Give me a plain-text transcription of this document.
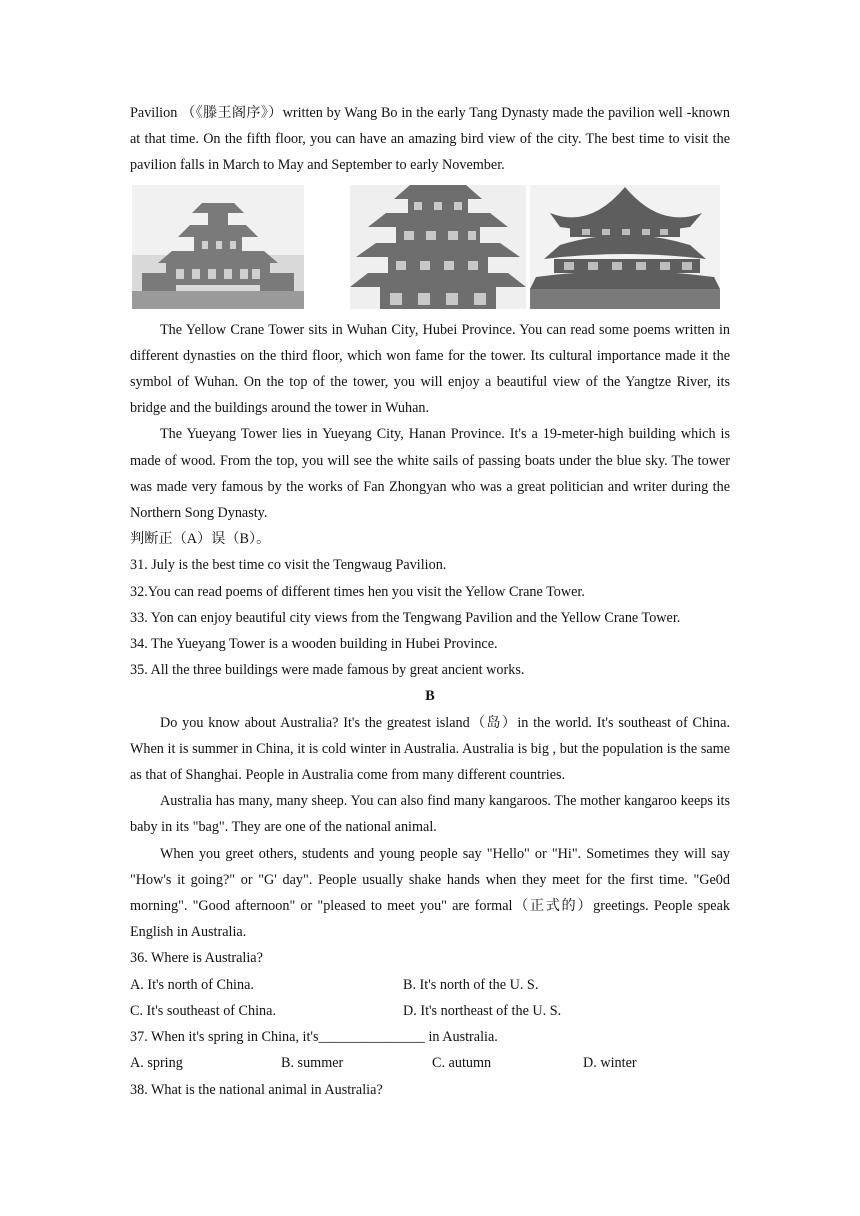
Pavilion （《滕王阁序》）written by Wang Bo in the early Tang Dynasty made the pavilion well -known at that time. On the fifth floor, you can have an amazing bird view of the city. The best time to visit the pavilion falls in March to May and September to early November.
The Yellow Crane Tower sits in Wuhan City, Hubei Province. You can read some poems written in different dynasties on the third floor, which won fame for the tower. Its cultural importance made it the symbol of Wuhan. On the top of the tower, you will enjoy a beautiful view of the Yangtze River, its bridge and the buildings around the tower in Wuhan.
The Yueyang Tower lies in Yueyang City, Hanan Province. It's a 19-meter-high building which is made of wood. From the top, you will see the white sails of passing boats under the blue sky. The tower was made very famous by the works of Fan Zhongyan who was a great politician and writer during the Northern Song Dynasty.
判断正（A）误（B）。
31. July is the best time co visit the Tengwaug Pavilion.
32.You can read poems of different times hen you visit the Yellow Crane Tower.
33. Yon can enjoy beautiful city views from the Tengwang Pavilion and the Yellow Crane Tower.
34. The Yueyang Tower is a wooden building in Hubei Province.
35. All the three buildings were made famous by great ancient works.
B
Do you know about Australia? It's the greatest island（岛）in the world. It's southeast of China. When it is summer in China, it is cold winter in Australia. Australia is big , but the population is the same as that of Shanghai. People in Australia come from many different countries.
Australia has many, many sheep. You can also find many kangaroos. The mother kangaroo keeps its baby in its "bag". They are one of the national animal.
When you greet others, students and young people say "Hello" or "Hi". Sometimes they will say "How's it going?" or "G' day". People usually shake hands when they meet for the first time. "Ge0d morning". "Good afternoon" or "pleased to meet you" are formal（正式的）greetings. People speak English in Australia.
36. Where is Australia?
A. It's north of China.	B. It's north of the U. S.
C. It's southeast of China.	D. It's northeast of the U. S.
37. When it's spring in China, it's_______________ in Australia.
A. spring	B. summer	C. autumn	D. winter
38. What is the national animal in Australia?
